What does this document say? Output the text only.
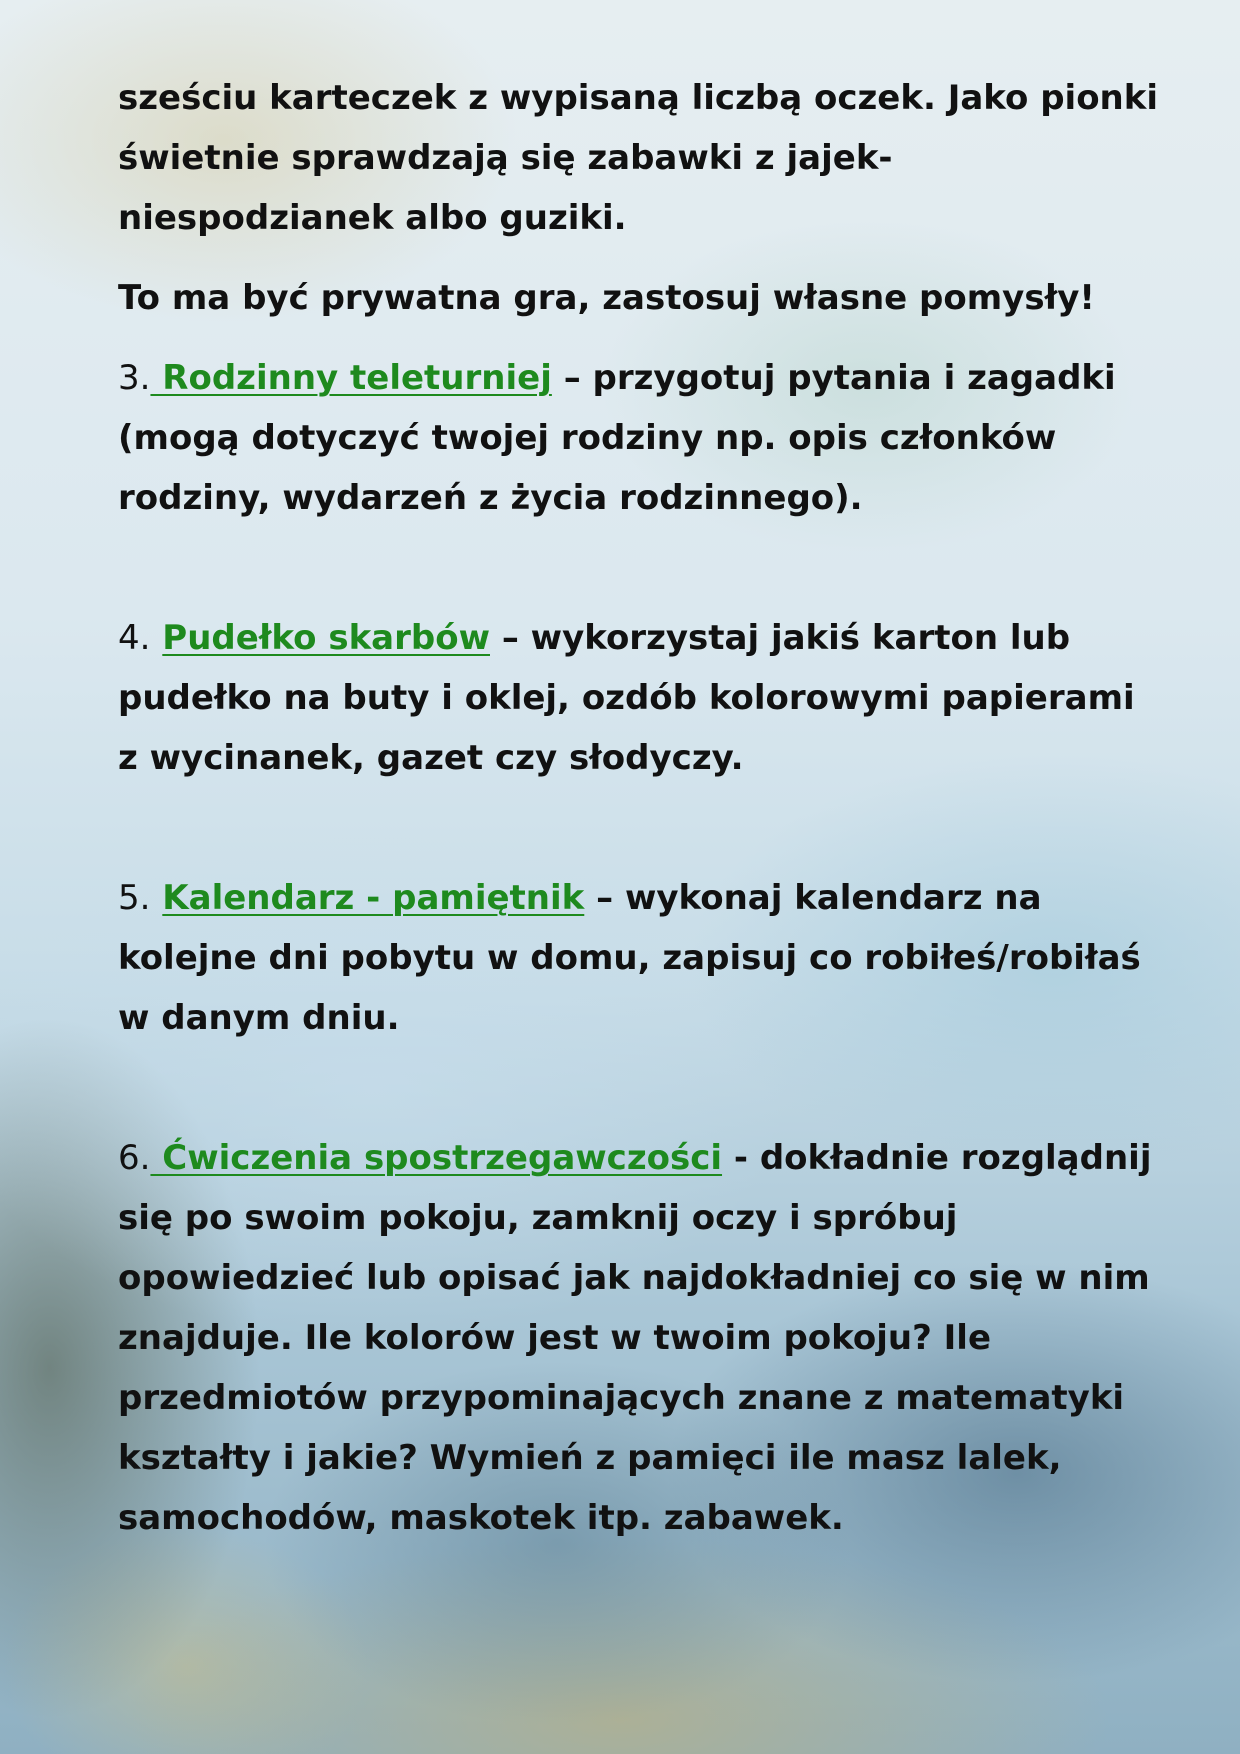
sześciu karteczek z wypisaną liczbą oczek. Jako pionki
świetnie sprawdzają się zabawki z jajek-
niespodzianek albo guziki.

To ma być prywatna gra, zastosuj własne pomysły!

3. Rodzinny teleturniej – przygotuj pytania i zagadki
(mogą dotyczyć twojej rodziny np. opis członków
rodziny, wydarzeń z życia rodzinnego).

4. Pudełko skarbów – wykorzystaj jakiś karton lub
pudełko na buty i oklej, ozdób kolorowymi papierami
z wycinanek, gazet czy słodyczy.

5. Kalendarz - pamiętnik – wykonaj kalendarz na
kolejne dni pobytu w domu, zapisuj co robiłeś/robiłaś
w danym dniu.

6. Ćwiczenia spostrzegawczości - dokładnie rozglądnij
się po swoim pokoju, zamknij oczy i spróbuj
opowiedzieć lub opisać jak najdokładniej co się w nim
znajduje. Ile kolorów jest w twoim pokoju? Ile
przedmiotów przypominających znane z matematyki
kształty i jakie? Wymień z pamięci ile masz lalek,
samochodów, maskotek itp. zabawek.
